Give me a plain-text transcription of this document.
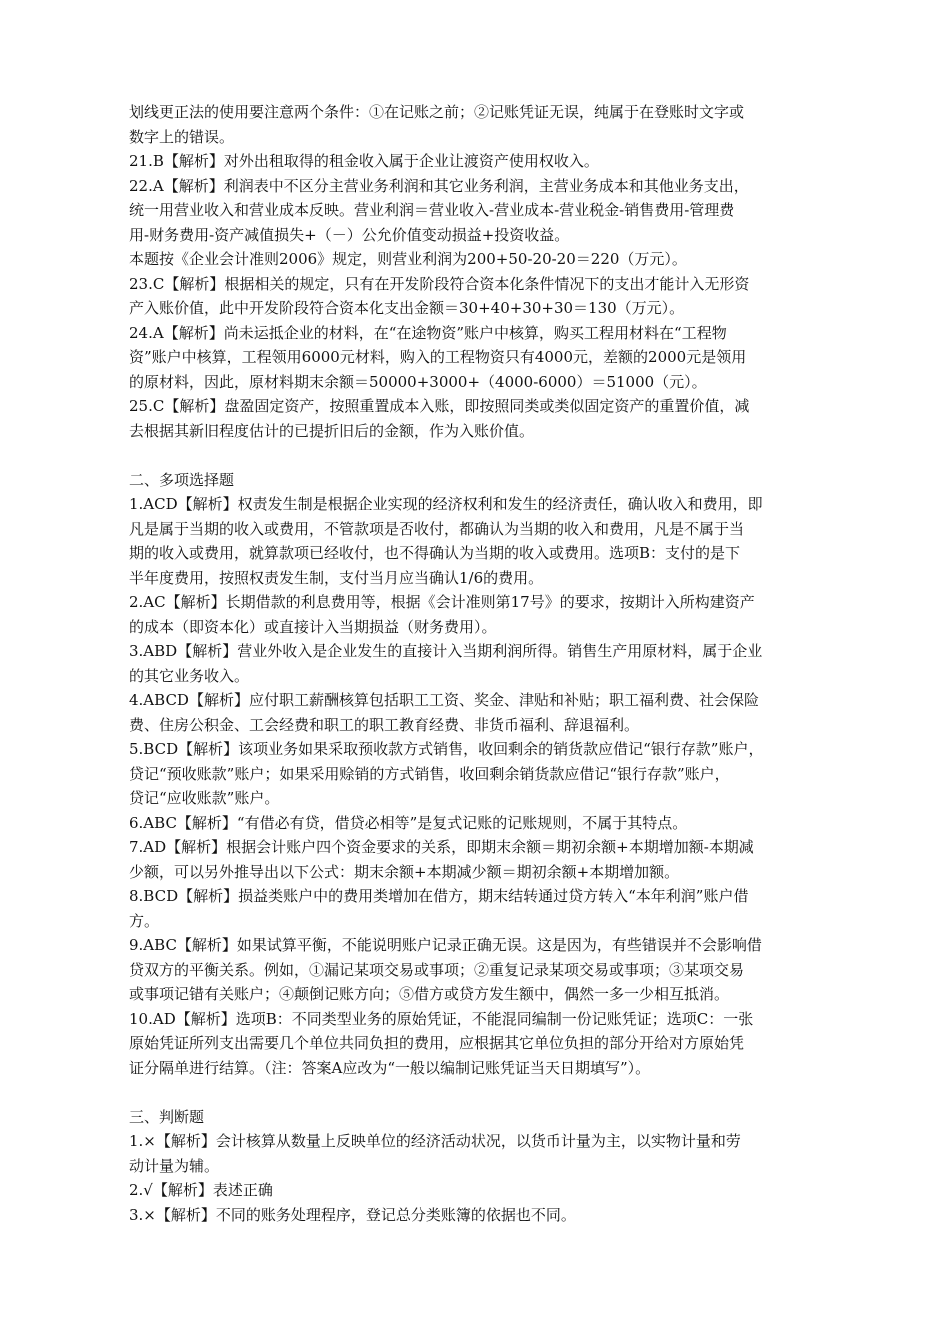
划线更正法的使用要注意两个条件：①在记账之前；②记账凭证无误，纯属于在登账时文字或
数字上的错误。
21.B【解析】对外出租取得的租金收入属于企业让渡资产使用权收入。
22.A【解析】利润表中不区分主营业务利润和其它业务利润，主营业务成本和其他业务支出，
统一用营业收入和营业成本反映。营业利润＝营业收入-营业成本-营业税金-销售费用-管理费
用-财务费用-资产减值损失+（－）公允价值变动损益+投资收益。
本题按《企业会计准则2006》规定，则营业利润为200+50-20-20＝220（万元）。
23.C【解析】根据相关的规定，只有在开发阶段符合资本化条件情况下的支出才能计入无形资
产入账价值，此中开发阶段符合资本化支出金额＝30+40+30+30＝130（万元）。
24.A【解析】尚未运抵企业的材料，在“在途物资”账户中核算，购买工程用材料在“工程物
资”账户中核算，工程领用6000元材料，购入的工程物资只有4000元，差额的2000元是领用
的原材料，因此，原材料期末余额＝50000+3000+（4000-6000）＝51000（元）。
25.C【解析】盘盈固定资产，按照重置成本入账，即按照同类或类似固定资产的重置价值，减
去根据其新旧程度估计的已提折旧后的金额，作为入账价值。
二、多项选择题
1.ACD【解析】权责发生制是根据企业实现的经济权利和发生的经济责任，确认收入和费用，即
凡是属于当期的收入或费用，不管款项是否收付，都确认为当期的收入和费用，凡是不属于当
期的收入或费用，就算款项已经收付，也不得确认为当期的收入或费用。选项B：支付的是下
半年度费用，按照权责发生制，支付当月应当确认1/6的费用。
2.AC【解析】长期借款的利息费用等，根据《会计准则第17号》的要求，按期计入所构建资产
的成本（即资本化）或直接计入当期损益（财务费用）。
3.ABD【解析】营业外收入是企业发生的直接计入当期利润所得。销售生产用原材料，属于企业
的其它业务收入。
4.ABCD【解析】应付职工薪酬核算包括职工工资、奖金、津贴和补贴；职工福利费、社会保险
费、住房公积金、工会经费和职工的职工教育经费、非货币福利、辞退福利。
5.BCD【解析】该项业务如果采取预收款方式销售，收回剩余的销货款应借记“银行存款”账户，
贷记“预收账款”账户；如果采用赊销的方式销售，收回剩余销货款应借记“银行存款”账户，
贷记“应收账款”账户。
6.ABC【解析】“有借必有贷，借贷必相等”是复式记账的记账规则，不属于其特点。
7.AD【解析】根据会计账户四个资金要求的关系，即期末余额＝期初余额+本期增加额-本期减
少额，可以另外推导出以下公式：期末余额+本期减少额＝期初余额+本期增加额。
8.BCD【解析】损益类账户中的费用类增加在借方，期末结转通过贷方转入“本年利润”账户借
方。
9.ABC【解析】如果试算平衡，不能说明账户记录正确无误。这是因为，有些错误并不会影响借
贷双方的平衡关系。例如，①漏记某项交易或事项；②重复记录某项交易或事项；③某项交易
或事项记错有关账户；④颠倒记账方向；⑤借方或贷方发生额中，偶然一多一少相互抵消。
10.AD【解析】选项B：不同类型业务的原始凭证，不能混同编制一份记账凭证；选项C：一张
原始凭证所列支出需要几个单位共同负担的费用，应根据其它单位负担的部分开给对方原始凭
证分隔单进行结算。（注：答案A应改为“一般以编制记账凭证当天日期填写”）。
三、判断题
1.×【解析】会计核算从数量上反映单位的经济活动状况，以货币计量为主，以实物计量和劳
动计量为辅。
2.√【解析】表述正确
3.×【解析】不同的账务处理程序，登记总分类账簿的依据也不同。
